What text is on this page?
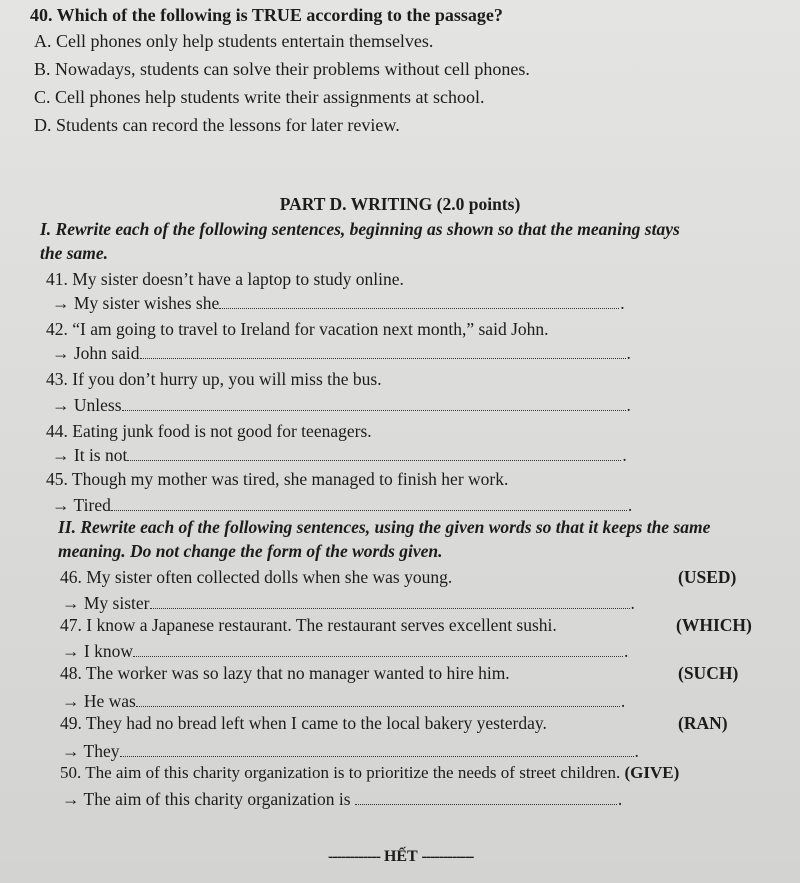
40. Which of the following is TRUE according to the passage?
A. Cell phones only help students entertain themselves.
B. Nowadays, students can solve their problems without cell phones.
C. Cell phones help students write their assignments at school.
D. Students can record the lessons for later review.
PART D. WRITING (2.0 points)
I. Rewrite each of the following sentences, beginning as shown so that the meaning stays
the same.
41. My sister doesn’t have a laptop to study online.
→ My sister wishes she	.
42. “I am going to travel to Ireland for vacation next month,” said John.
→ John said	.
43. If you don’t hurry up, you will miss the bus.
→ Unless	.
44. Eating junk food is not good for teenagers.
→ It is not	.
45. Though my mother was tired, she managed to finish her work.
→ Tired	.
II. Rewrite each of the following sentences, using the given words so that it keeps the same
meaning. Do not change the form of the words given.
46. My sister often collected dolls when she was young.	(USED)
→ My sister	.
47. I know a Japanese restaurant. The restaurant serves excellent sushi.	(WHICH)
→ I know	.
48. The worker was so lazy that no manager wanted to hire him.	(SUCH)
→ He was	.
49. They had no bread left when I came to the local bakery yesterday.	(RAN)
→ They	.
50. The aim of this charity organization is to prioritize the needs of street children. (GIVE)
→ The aim of this charity organization is	.
------------ HẾT ------------
